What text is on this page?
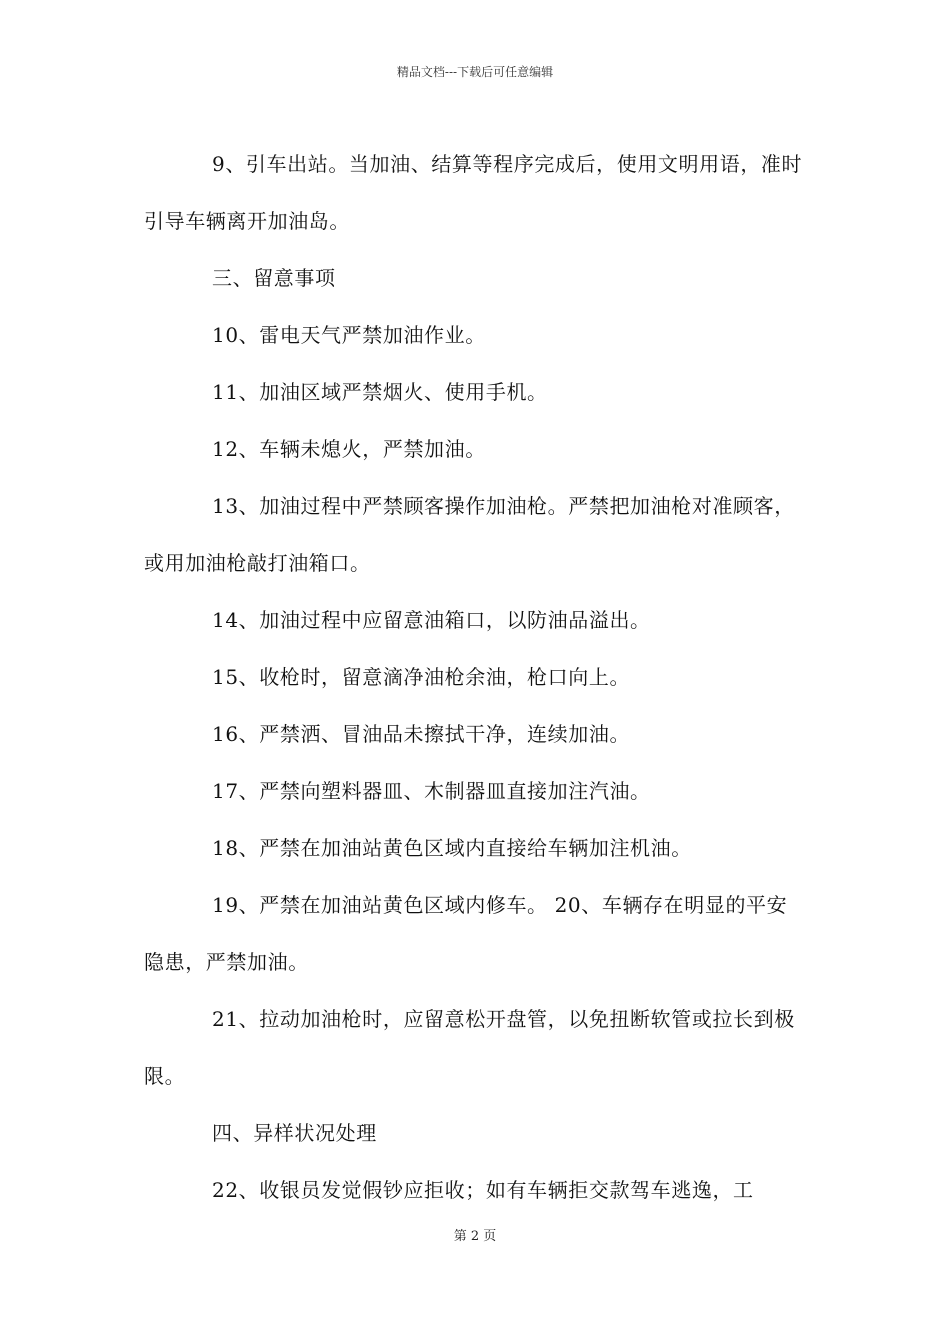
精品文档---下载后可任意编辑

9、引车出站。当加油、结算等程序完成后，使用文明用语，准时引导车辆离开加油岛。

三、留意事项

10、雷电天气严禁加油作业。

11、加油区域严禁烟火、使用手机。

12、车辆未熄火，严禁加油。

13、加油过程中严禁顾客操作加油枪。严禁把加油枪对准顾客，或用加油枪敲打油箱口。

14、加油过程中应留意油箱口，以防油品溢出。

15、收枪时，留意滴净油枪余油，枪口向上。

16、严禁洒、冒油品未擦拭干净，连续加油。

17、严禁向塑料器皿、木制器皿直接加注汽油。

18、严禁在加油站黄色区域内直接给车辆加注机油。

19、严禁在加油站黄色区域内修车。 20、车辆存在明显的平安隐患，严禁加油。

21、拉动加油枪时，应留意松开盘管，以免扭断软管或拉长到极限。

四、异样状况处理

22、收银员发觉假钞应拒收；如有车辆拒交款驾车逃逸，工

第 2 页
